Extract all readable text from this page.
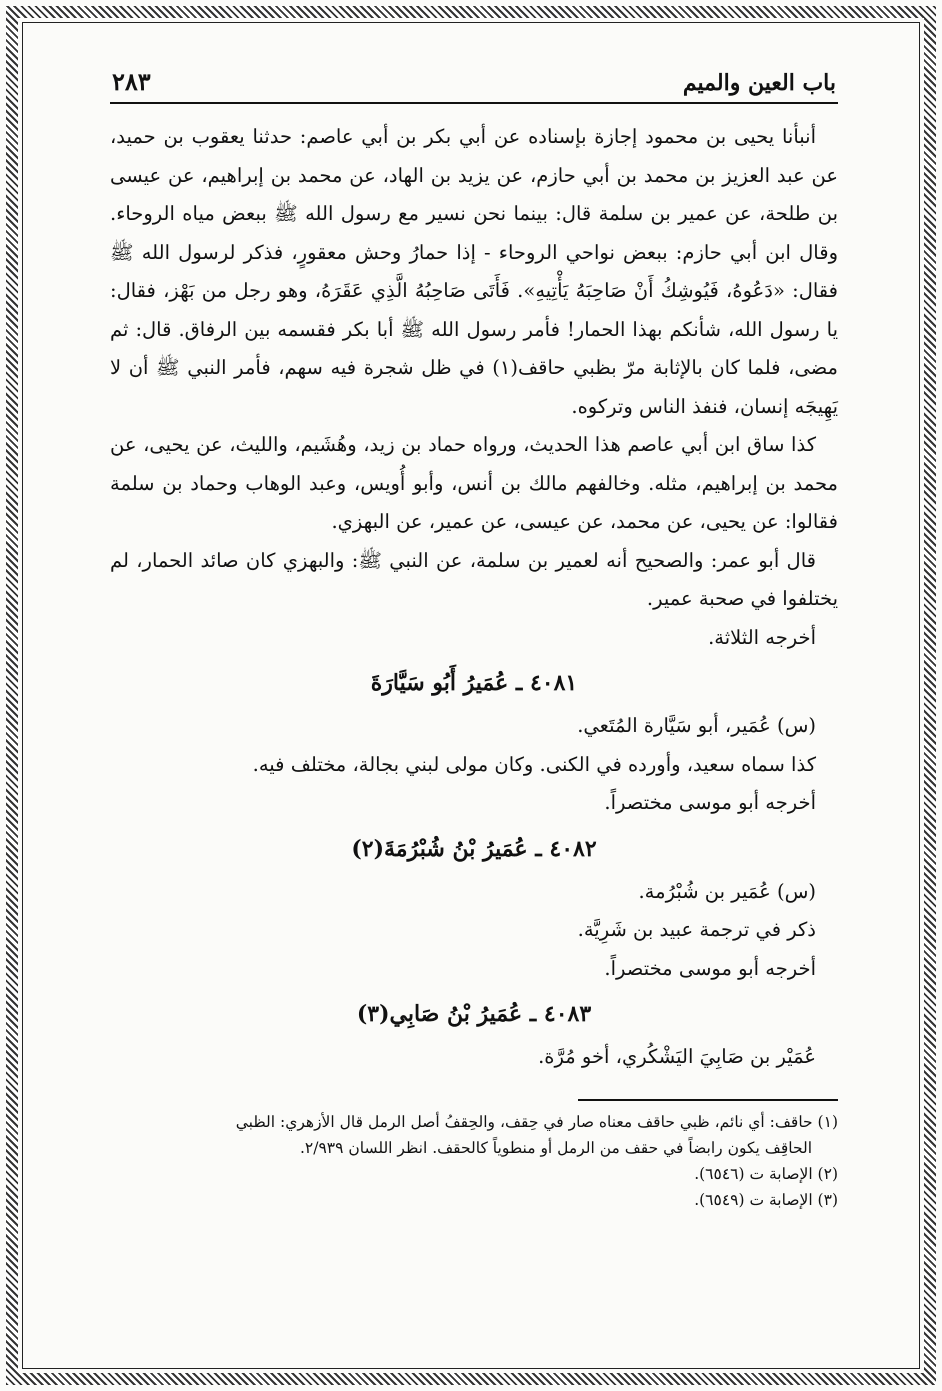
باب العين والميم
٢٨٣

أنبأنا يحيى بن محمود إجازة بإسناده عن أبي بكر بن أبي عاصم: حدثنا يعقوب بن حميد، عن عبد العزيز بن محمد بن أبي حازم، عن يزيد بن الهاد، عن محمد بن إبراهيم، عن عيسى بن طلحة، عن عمير بن سلمة قال: بينما نحن نسير مع رسول الله ﷺ ببعض مياه الروحاء. وقال ابن أبي حازم: ببعض نواحي الروحاء - إذا حمارُ وحش معقورٍ، فذكر لرسول الله ﷺ فقال: «دَعُوهُ، فَيُوشِكُ أَنْ صَاحِبَهُ يَأْتِيهِ». فَأَتَى صَاحِبُهُ الَّذِي عَقَرَهُ، وهو رجل من بَهْز، فقال: يا رسول الله، شأنكم بهذا الحمار! فأمر رسول الله ﷺ أبا بكر فقسمه بين الرفاق. قال: ثم مضى، فلما كان بالإثابة مرّ بظبي حاقف(١) في ظل شجرة فيه سهم، فأمر النبي ﷺ أن لا يَهِيجَه إنسان، فنفذ الناس وتركوه.

كذا ساق ابن أبي عاصم هذا الحديث، ورواه حماد بن زيد، وهُشَيم، والليث، عن يحيى، عن محمد بن إبراهيم، مثله. وخالفهم مالك بن أنس، وأبو أُويس، وعبد الوهاب وحماد بن سلمة فقالوا: عن يحيى، عن محمد، عن عيسى، عن عمير، عن البهزي.

قال أبو عمر: والصحيح أنه لعمير بن سلمة، عن النبي ﷺ: والبهزي كان صائد الحمار، لم يختلفوا في صحبة عمير.

أخرجه الثلاثة.

٤٠٨١ ـ عُمَيرُ أَبُو سَيَّارَةَ

(س) عُمَير، أبو سَيَّارة المُتَعي.

كذا سماه سعيد، وأورده في الكنى. وكان مولى لبني بجالة، مختلف فيه.

أخرجه أبو موسى مختصراً.

٤٠٨٢ ـ عُمَيرُ بْنُ شُبْرُمَةَ(٢)

(س) عُمَير بن شُبْرُمة.

ذكر في ترجمة عبيد بن شَرِيَّة.

أخرجه أبو موسى مختصراً.

٤٠٨٣ ـ عُمَيرُ بْنُ صَابِي(٣)

عُمَيْر بن صَابِيَ اليَشْكُري، أخو مُرَّة.

(١) حاقف: أي نائم، ظبي حاقف معناه صار في حِقف، والحِقفُ أصل الرمل قال الأزهري: الظبي

الحاقِف يكون رابضاً في حقف من الرمل أو منطوياً كالحقف. انظر اللسان ٢/٩٣٩.

(٢) الإصابة ت (٦٥٤٦).

(٣) الإصابة ت (٦٥٤٩).
